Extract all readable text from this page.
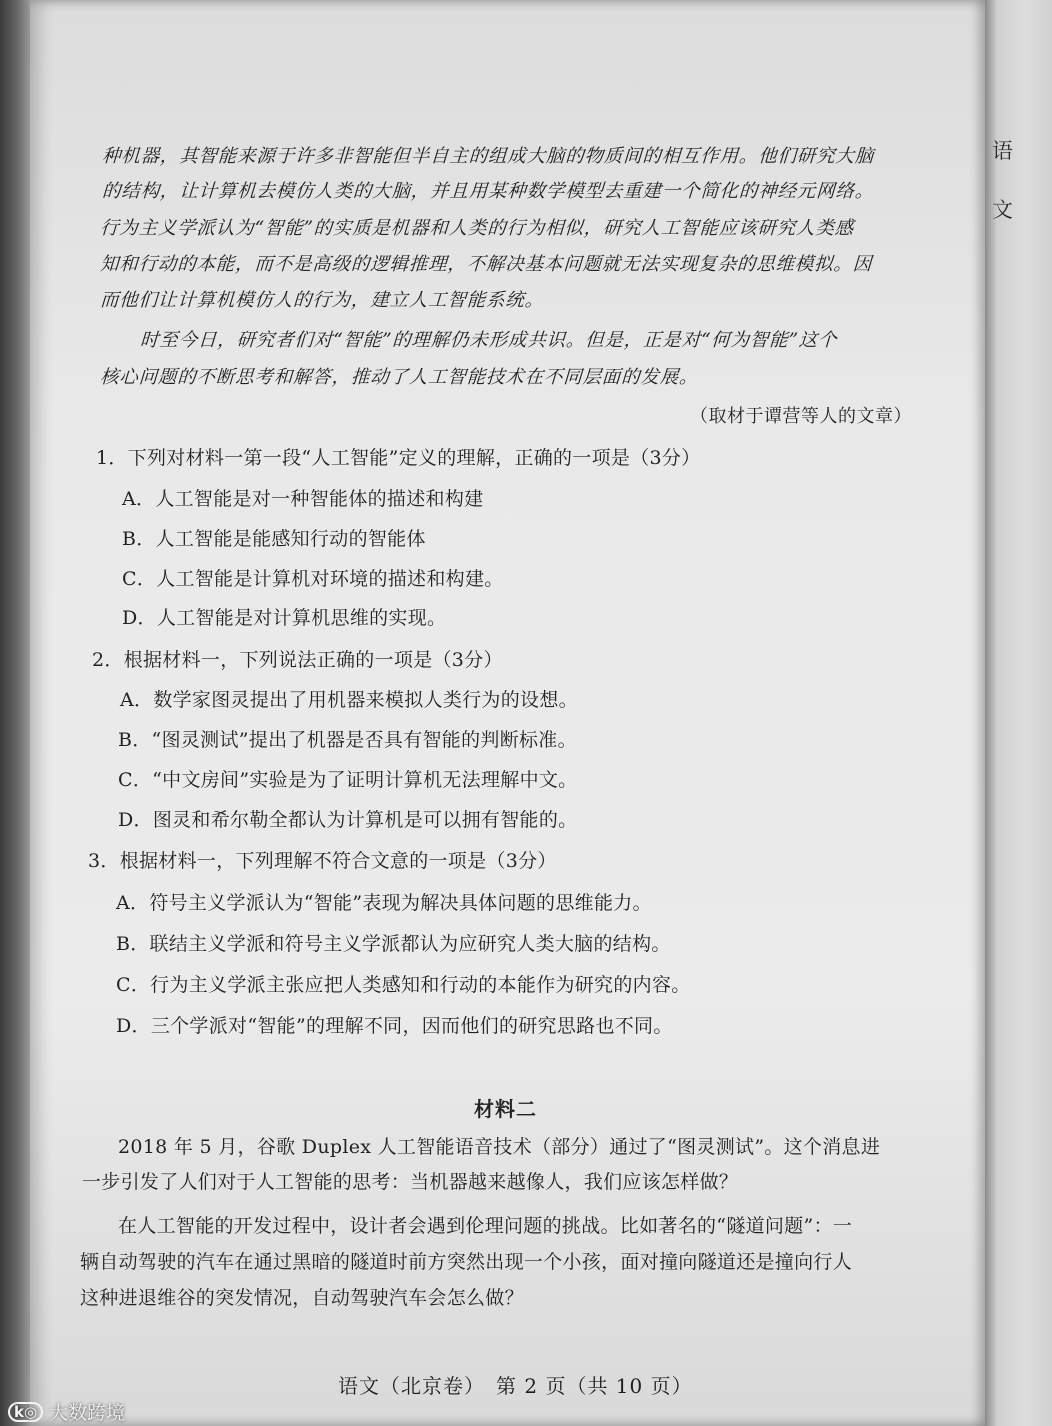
语
文
种机器，其智能来源于许多非智能但半自主的组成大脑的物质间的相互作用。他们研究大脑
的结构，让计算机去模仿人类的大脑，并且用某种数学模型去重建一个简化的神经元网络。
行为主义学派认为“智能”的实质是机器和人类的行为相似，研究人工智能应该研究人类感
知和行动的本能，而不是高级的逻辑推理，不解决基本问题就无法实现复杂的思维模拟。因
而他们让计算机模仿人的行为，建立人工智能系统。
时至今日，研究者们对“智能”的理解仍未形成共识。但是，正是对“何为智能”这个
核心问题的不断思考和解答，推动了人工智能技术在不同层面的发展。
（取材于谭营等人的文章）
1．下列对材料一第一段“人工智能”定义的理解，正确的一项是（3分）
A．人工智能是对一种智能体的描述和构建
B．人工智能是能感知行动的智能体
C．人工智能是计算机对环境的描述和构建。
D．人工智能是对计算机思维的实现。
2．根据材料一，下列说法正确的一项是（3分）
A．数学家图灵提出了用机器来模拟人类行为的设想。
B．“图灵测试”提出了机器是否具有智能的判断标准。
C．“中文房间”实验是为了证明计算机无法理解中文。
D．图灵和希尔勒全都认为计算机是可以拥有智能的。
3．根据材料一，下列理解不符合文意的一项是（3分）
A．符号主义学派认为“智能”表现为解决具体问题的思维能力。
B．联结主义学派和符号主义学派都认为应研究人类大脑的结构。
C．行为主义学派主张应把人类感知和行动的本能作为研究的内容。
D．三个学派对“智能”的理解不同，因而他们的研究思路也不同。
材料二
2018 年 5 月，谷歌 Duplex 人工智能语音技术（部分）通过了“图灵测试”。这个消息进
一步引发了人们对于人工智能的思考：当机器越来越像人，我们应该怎样做？
在人工智能的开发过程中，设计者会遇到伦理问题的挑战。比如著名的“隧道问题”：一
辆自动驾驶的汽车在通过黑暗的隧道时前方突然出现一个小孩，面对撞向隧道还是撞向行人
这种进退维谷的突发情况，自动驾驶汽车会怎么做？
语文（北京卷）　第 2 页（共 10 页）
k◎ 大数跨境
